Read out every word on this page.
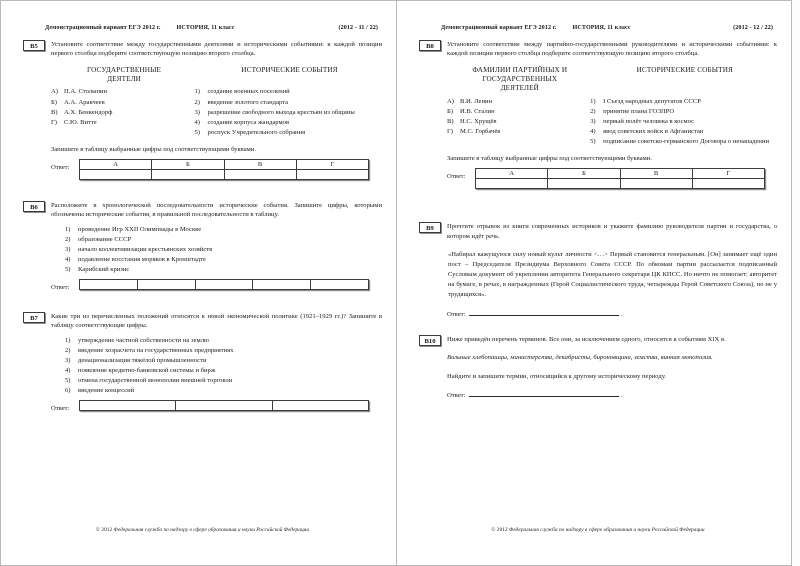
Демонстрационный вариант ЕГЭ 2012 г.	ИСТОРИЯ, 11 класс	(2012 - 11 / 22)
B5	Установите соответствие между государственными деятелями и историческими событиями: к каждой позиции первого столбца подберите соответствующую позицию второго столбца.
ГОСУДАРСТВЕННЫЕ
ДЕЯТЕЛИ
ИСТОРИЧЕСКИЕ СОБЫТИЯ
А) П.А. Столыпин
Б)	А.А. Аракчеев
В) А.Х. Бенкендорф
Г)	С.Ю. Витте
1)	создание военных поселений
2)	введение золотого стандарта
3)	разрешение свободного выхода крестьян из общины
4)	создание корпуса жандармов
5)	роспуск Учредительного собрания
Запишите в таблицу выбранные цифры под соответствующими буквами.
Ответ:	А	Б	В	Г

B6	Расположите в хронологической последовательности исторические события. Запишите цифры, которыми обозначены исторические события, в правильной последовательности в таблицу.
1)	проведение Игр XXII Олимпиады в Москве
2)	образование СССР
3)	начало коллективизации крестьянских хозяйств
4)	подавление восстания моряков в Кронштадте
5)	Карибский кризис
Ответ:

B7	Какие три из перечисленных положений относятся к новой экономической политике (1921–1929 гг.)? Запишите в таблицу соответствующие цифры.
1)	утверждение частной собственности на землю
2)	введение хозрасчета на государственных предприятиях
3)	денационализация тяжёлой промышленности
4)	появление кредитно-банковской системы и бирж
5)	отмена государственной монополии внешней торговли
6)	введение концессий
Ответ:

© 2012 Федеральная служба по надзору в сфере образования и науки Российской Федерации
Демонстрационный вариант ЕГЭ 2012 г.	ИСТОРИЯ, 11 класс	(2012 - 12 / 22)
B8	Установите соответствие между партийно-государственными руководителями и историческими событиями: к каждой позиции первого столбца подберите соответствующую позицию второго столбца.
ФАМИЛИИ ПАРТИЙНЫХ И
ГОСУДАРСТВЕННЫХ
ДЕЯТЕЛЕЙ
ИСТОРИЧЕСКИЕ СОБЫТИЯ
А) В.И. Ленин
Б)	И.В. Сталин
В) Н.С. Хрущёв
Г)	М.С. Горбачёв
1)	I Съезд народных депутатов СССР
2)	принятие плана ГОЭЛРО
3)	первый полёт человека в космос
4)	ввод советских войск в Афганистан
5)	подписание советско-германского Договора о ненападении
Запишите в таблицу выбранные цифры под соответствующими буквами.
Ответ:	А	Б	В	Г

B9	Прочтите отрывок из книги современных историков и укажите фамилию руководителя партии и государства, о котором идёт речь.
«Набирал кажущуюся силу новый культ личности <…> Первый становится генеральным. [Он] занимает ещё один пост – Председателя Президиума Верховного Совета СССР. По обкомам партии рассылается подписанный Сусловым документ об укреплении авторитета Генерального секретаря ЦК КПСС. Но ничто не помогает: авторитет на бумаге, в речах, в награжденных (Герой Социалистического труда, четырежды Герой Советского Союза), но не у трудящихся».
Ответ:	.
B10	Ниже приведён перечень терминов. Все они, за исключением одного, относятся к событиям XIX в.
Вольные хлебопашцы, министерства, декабристы, бироновщина, земства, винная монополия.
Найдите и запишите термин, относящийся к другому историческому периоду.
Ответ:	.
© 2012 Федеральная служба по надзору в сфере образования и науки Российской Федерации
